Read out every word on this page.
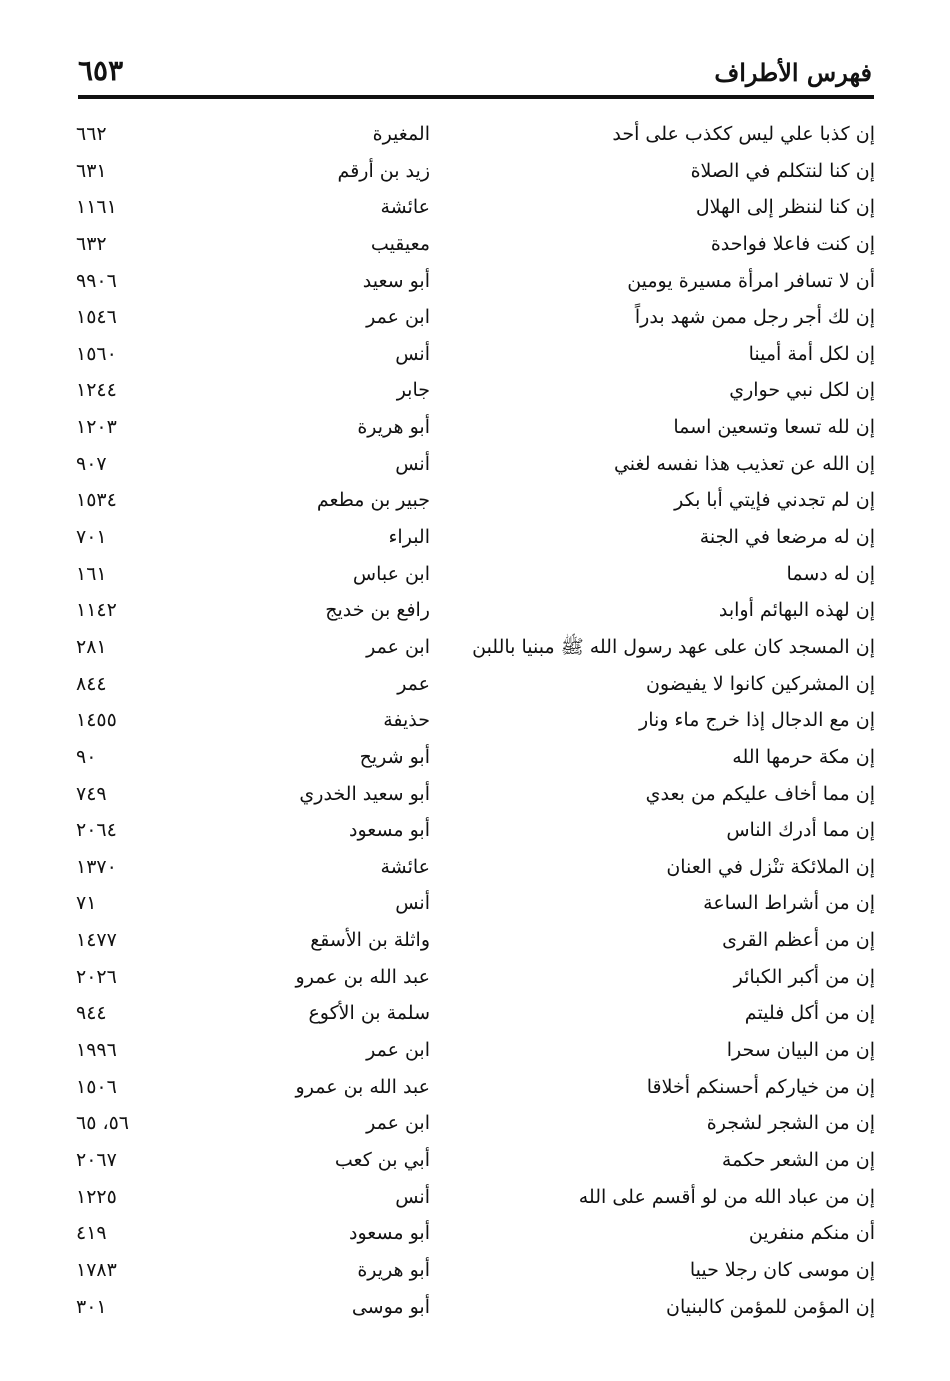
فهرس الأطراف
٦٥٣
إن كذبا علي ليس ككذب على أحد
المغيرة
٦٦٢
إن كنا لنتكلم في الصلاة
زيد بن أرقم
٦٣١
إن كنا لننظر إلى الهلال
عائشة
١١٦١
إن كنت فاعلا فواحدة
معيقيب
٦٣٢
أن لا تسافر امرأة مسيرة يومين
أبو سعيد
٩٩٠٦
إن لك أجر رجل ممن شهد بدراً
ابن عمر
١٥٤٦
إن لكل أمة أمينا
أنس
١٥٦٠
إن لكل نبي حواري
جابر
١٢٤٤
إن لله تسعا وتسعين اسما
أبو هريرة
١٢٠٣
إن الله عن تعذيب هذا نفسه لغني
أنس
٩٠٧
إن لم تجدني فإيتي أبا بكر
جبير بن مطعم
١٥٣٤
إن له مرضعا في الجنة
البراء
٧٠١
إن له دسما
ابن عباس
١٦١
إن لهذه البهائم أوابد
رافع بن خديج
١١٤٢
إن المسجد كان على عهد رسول الله ﷺ مبنيا باللبن
ابن عمر
٢٨١
إن المشركين كانوا لا يفيضون
عمر
٨٤٤
إن مع الدجال إذا خرج ماء ونار
حذيفة
١٤٥٥
إن مكة حرمها الله
أبو شريح
٩٠
إن مما أخاف عليكم من بعدي
أبو سعيد الخدري
٧٤٩
إن مما أدرك الناس
أبو مسعود
٢٠٦٤
إن الملائكة تنْزل في العنان
عائشة
١٣٧٠
إن من أشراط الساعة
أنس
٧١
إن من أعظم القرى
واثلة بن الأسقع
١٤٧٧
إن من أكبر الكبائر
عبد الله بن عمرو
٢٠٢٦
إن من أكل فليتم
سلمة بن الأكوع
٩٤٤
إن من البيان سحرا
ابن عمر
١٩٩٦
إن من خياركم أحسنكم أخلاقا
عبد الله بن عمرو
١٥٠٦
إن من الشجر لشجرة
ابن عمر
٥٦، ٦٥
إن من الشعر حكمة
أبي بن كعب
٢٠٦٧
إن من عباد الله من لو أقسم على الله
أنس
١٢٢٥
أن منكم منفرين
أبو مسعود
٤١٩
إن موسى كان رجلا حييا
أبو هريرة
١٧٨٣
إن المؤمن للمؤمن كالبنيان
أبو موسى
٣٠١
